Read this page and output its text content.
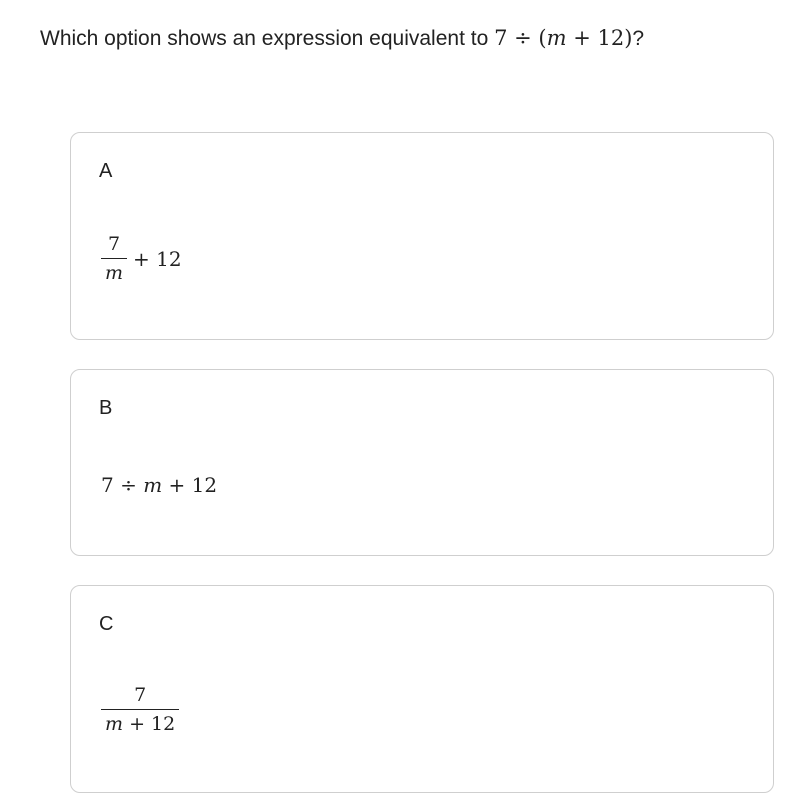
Which option shows an expression equivalent to 7 ÷ (m + 12)?
A
$\frac{7}{m} + 12$
B
7 ÷ m + 12
C
$\frac{7}{m + 12}$
